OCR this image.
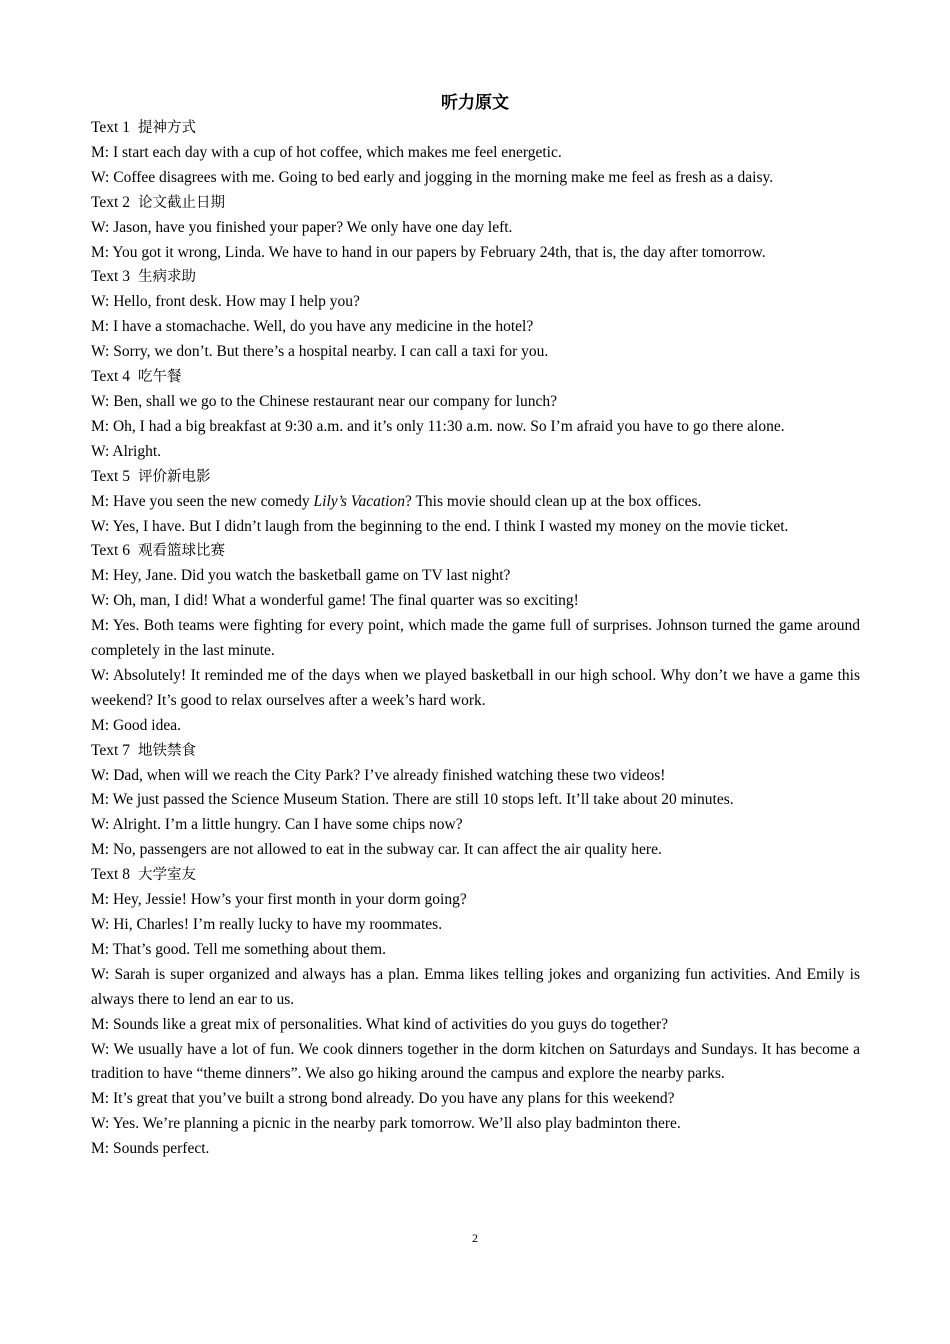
听力原文

Text 1 提神方式

M: I start each day with a cup of hot coffee, which makes me feel energetic.

W: Coffee disagrees with me. Going to bed early and jogging in the morning make me feel as fresh as a daisy.

Text 2 论文截止日期

W: Jason, have you finished your paper? We only have one day left.

M: You got it wrong, Linda. We have to hand in our papers by February 24th, that is, the day after tomorrow.

Text 3 生病求助

W: Hello, front desk. How may I help you?

M: I have a stomachache. Well, do you have any medicine in the hotel?

W: Sorry, we don’t. But there’s a hospital nearby. I can call a taxi for you.

Text 4 吃午餐

W: Ben, shall we go to the Chinese restaurant near our company for lunch?

M: Oh, I had a big breakfast at 9:30 a.m. and it’s only 11:30 a.m. now. So I’m afraid you have to go there alone.

W: Alright.

Text 5 评价新电影

M: Have you seen the new comedy Lily’s Vacation? This movie should clean up at the box offices.

W: Yes, I have. But I didn’t laugh from the beginning to the end. I think I wasted my money on the movie ticket.

Text 6 观看篮球比赛

M: Hey, Jane. Did you watch the basketball game on TV last night?

W: Oh, man, I did! What a wonderful game! The final quarter was so exciting!

M: Yes. Both teams were fighting for every point, which made the game full of surprises. Johnson turned the game around completely in the last minute.

W: Absolutely! It reminded me of the days when we played basketball in our high school. Why don’t we have a game this weekend? It’s good to relax ourselves after a week’s hard work.

M: Good idea.

Text 7 地铁禁食

W: Dad, when will we reach the City Park? I’ve already finished watching these two videos!

M: We just passed the Science Museum Station. There are still 10 stops left. It’ll take about 20 minutes.

W: Alright. I’m a little hungry. Can I have some chips now?

M: No, passengers are not allowed to eat in the subway car. It can affect the air quality here.

Text 8 大学室友

M: Hey, Jessie! How’s your first month in your dorm going?

W: Hi, Charles! I’m really lucky to have my roommates.

M: That’s good. Tell me something about them.

W: Sarah is super organized and always has a plan. Emma likes telling jokes and organizing fun activities. And Emily is always there to lend an ear to us.

M: Sounds like a great mix of personalities. What kind of activities do you guys do together?

W: We usually have a lot of fun. We cook dinners together in the dorm kitchen on Saturdays and Sundays. It has become a tradition to have “theme dinners”. We also go hiking around the campus and explore the nearby parks.

M: It’s great that you’ve built a strong bond already. Do you have any plans for this weekend?

W: Yes. We’re planning a picnic in the nearby park tomorrow. We’ll also play badminton there.

M: Sounds perfect.

2
